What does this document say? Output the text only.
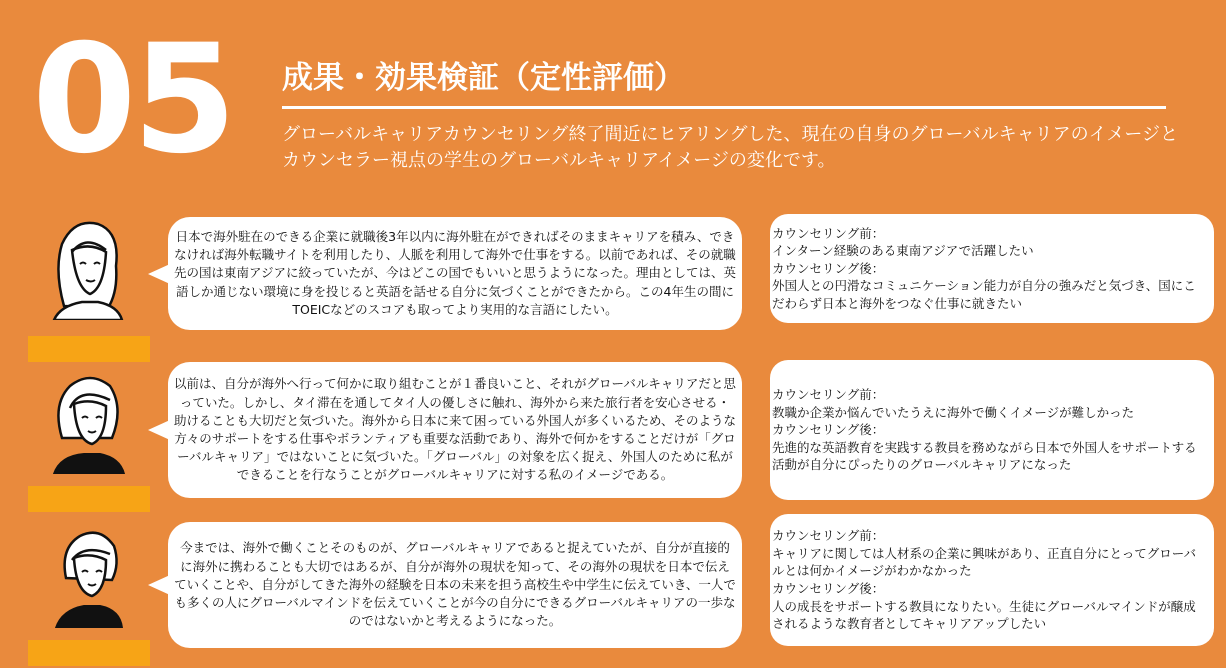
05 成果・効果検証（定性評価）
グローバルキャリアカウンセリング終了間近にヒアリングした、現在の自身のグローバルキャリアのイメージとカウンセラー視点の学生のグローバルキャリアイメージの変化です。
日本で海外駐在のできる企業に就職後3年以内に海外駐在ができればそのままキャリアを積み、できなければ海外転職サイトを利用したり、人脈を利用して海外で仕事をする。以前であれば、その就職先の国は東南アジアに絞っていたが、今はどこの国でもいいと思うようになった。理由としては、英語しか通じない環境に身を投じると英語を話せる自分に気づくことができたから。この4年生の間にTOEICなどのスコアも取ってより実用的な言語にしたい。
カウンセリング前：
インターン経験のある東南アジアで活躍したい
カウンセリング後：
外国人との円滑なコミュニケーション能力が自分の強みだと気づき、国にこだわらず日本と海外をつなぐ仕事に就きたい
以前は、自分が海外へ行って何かに取り組むことが１番良いこと、それがグローバルキャリアだと思っていた。しかし、タイ滞在を通してタイ人の優しさに触れ、海外から来た旅行者を安心させる・助けることも大切だと気づいた。海外から日本に来て困っている外国人が多くいるため、そのような方々のサポートをする仕事やボランティアも重要な活動であり、海外で何かをすることだけが「グローバルキャリア」ではないことに気づいた。「グローバル」の対象を広く捉え、外国人のために私ができることを行なうことがグローバルキャリアに対する私のイメージである。
カウンセリング前：
教職か企業か悩んでいたうえに海外で働くイメージが難しかった
カウンセリング後：
先進的な英語教育を実践する教員を務めながら日本で外国人をサポートする活動が自分にぴったりのグローバルキャリアになった
今までは、海外で働くことそのものが、グローバルキャリアであると捉えていたが、自分が直接的に海外に携わることも大切ではあるが、自分が海外の現状を知って、その海外の現状を日本で伝えていくことや、自分がしてきた海外の経験を日本の未来を担う高校生や中学生に伝えていき、一人でも多くの人にグローバルマインドを伝えていくことが今の自分にできるグローバルキャリアの一歩なのではないかと考えるようになった。
カウンセリング前：
キャリアに関しては人材系の企業に興味があり、正直自分にとってグローバルとは何かイメージがわかなかった
カウンセリング後：
人の成長をサポートする教員になりたい。生徒にグローバルマインドが醸成されるような教育者としてキャリアアップしたい
